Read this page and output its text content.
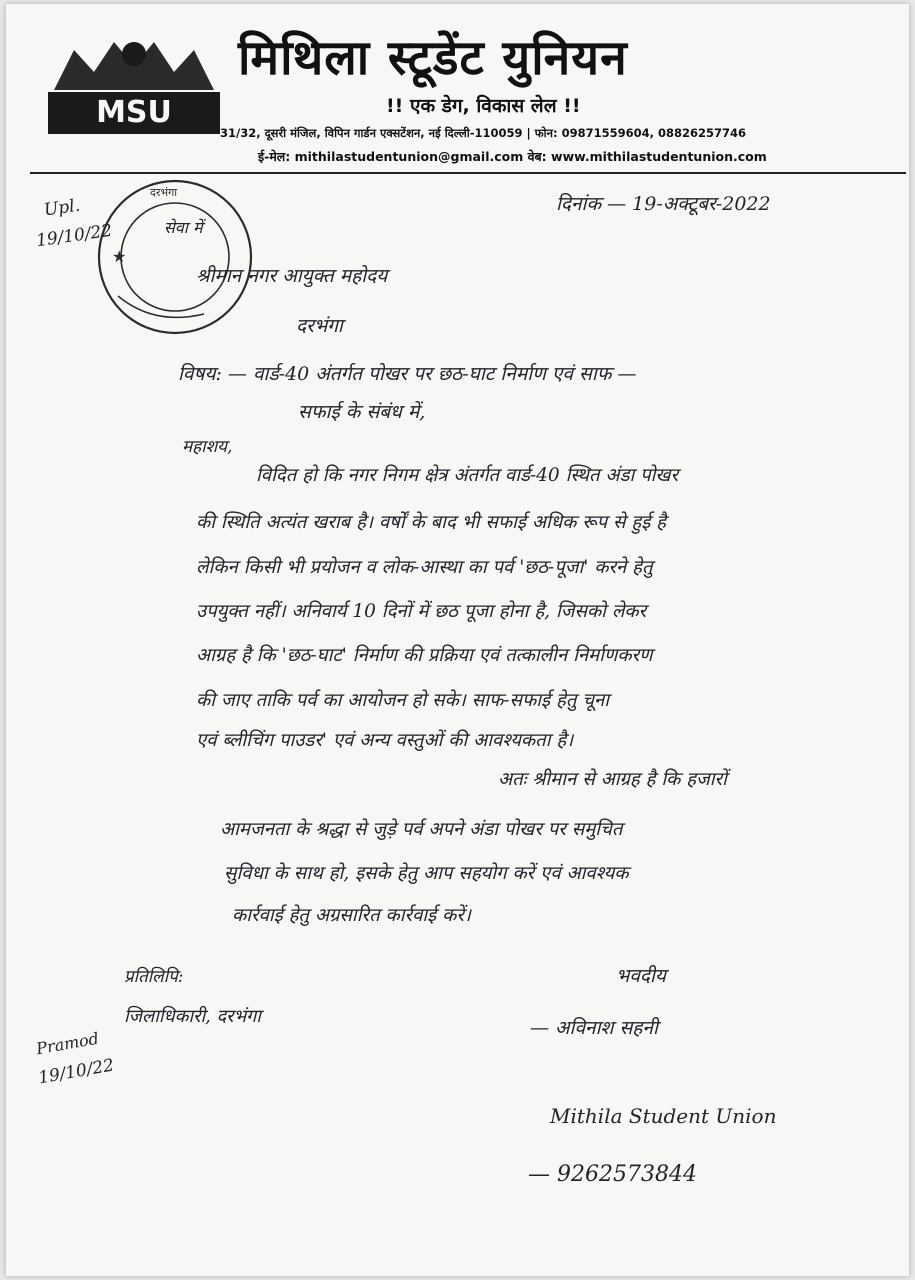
MSU
मिथिला स्टूडेंट युनियन
!! एक डेग, विकास लेल !!
31/32, दूसरी मंजिल, विपिन गार्डन एक्सटेंशन, नई दिल्ली-110059 | फोन: 09871559604, 08826257746
ई-मेल: mithilastudentunion@gmail.com वेब: www.mithilastudentunion.com
★
दरभंगा
सेवा में
Upl.
19/10/22
दिनांक — 19-अक्टूबर-2022
श्रीमान नगर आयुक्त महोदय
दरभंगा
विषय: — वार्ड-40 अंतर्गत पोखर पर छठ-घाट निर्माण एवं साफ —
सफाई के संबंध में,
महाशय,
विदित हो कि नगर निगम क्षेत्र अंतर्गत वार्ड-40 स्थित अंडा पोखर
की स्थिति अत्यंत खराब है। वर्षों के बाद भी सफाई अधिक रूप से हुई है
लेकिन किसी भी प्रयोजन व लोक-आस्था का पर्व 'छठ-पूजा' करने हेतु
उपयुक्त नहीं। अनिवार्य 10 दिनों में छठ पूजा होना है, जिसको लेकर
आग्रह है कि 'छठ-घाट' निर्माण की प्रक्रिया एवं तत्कालीन निर्माणकरण
की जाए ताकि पर्व का आयोजन हो सके। साफ-सफाई हेतु चूना
एवं ब्लीचिंग पाउडर' एवं अन्य वस्तुओं की आवश्यकता है।
अतः श्रीमान से आग्रह है कि हजारों
आमजनता के श्रद्धा से जुड़े पर्व अपने अंडा पोखर पर समुचित
सुविधा के साथ हो, इसके हेतु आप सहयोग करें एवं आवश्यक
कार्रवाई हेतु अग्रसारित कार्रवाई करें।
भवदीय
— अविनाश सहनी
प्रतिलिपि:
जिलाधिकारी, दरभंगा
Pramod
19/10/22
Mithila Student Union
— 9262573844
